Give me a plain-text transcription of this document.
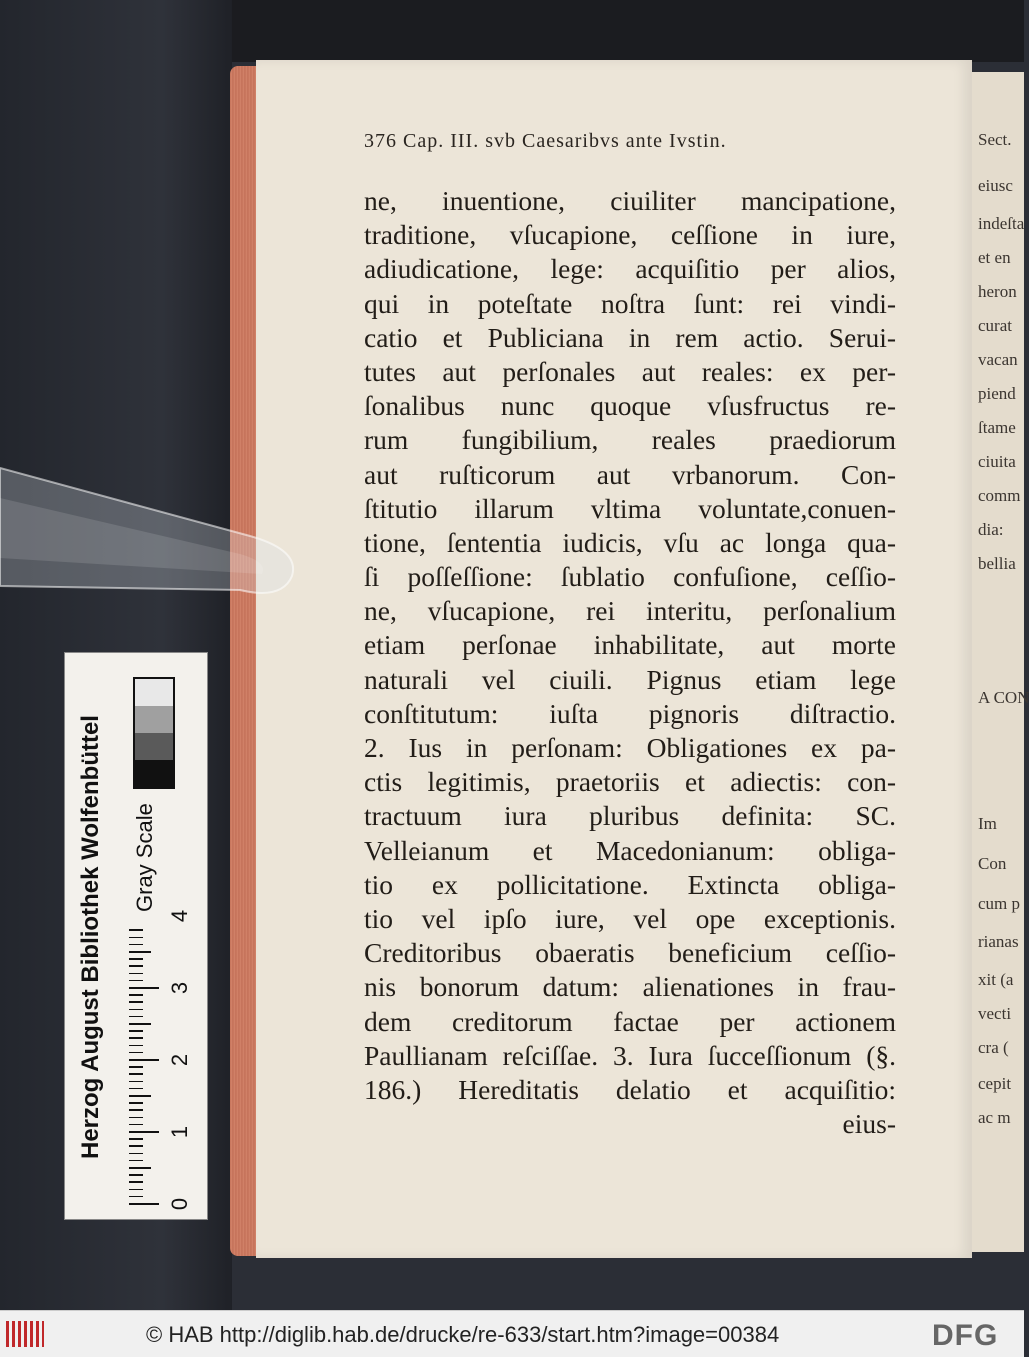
Sect.
eiusc
indeſta
et en
heron
curat
vacan
piend
ſtame
ciuita
comm
dia:
bellia
A CON
Im
Con
cum p
rianas
xit (a
vecti
cra (
cepit
ac m
376 Cap. III. svb Caesaribvs ante Ivstin.
ne, inuentione, ciuiliter mancipatione,
traditione, vſucapione, ceſſione in iure,
adiudicatione, lege: acquiſitio per alios,
qui in poteſtate noſtra ſunt: rei vindi-
catio et Publiciana in rem actio. Serui-
tutes aut perſonales aut reales: ex per-
ſonalibus nunc quoque vſusfructus re-
rum fungibilium, reales praediorum
aut ruſticorum aut vrbanorum. Con-
ſtitutio illarum vltima voluntate,conuen-
tione, ſententia iudicis, vſu ac longa qua-
ſi poſſeſſione: ſublatio confuſione, ceſſio-
ne, vſucapione, rei interitu, perſonalium
etiam perſonae inhabilitate, aut morte
naturali vel ciuili. Pignus etiam lege
conſtitutum: iuſta pignoris diſtractio.
2. Ius in perſonam: Obligationes ex pa-
ctis legitimis, praetoriis et adiectis: con-
tractuum iura pluribus definita: SC.
Velleianum et Macedonianum: obliga-
tio ex pollicitatione. Extincta obliga-
tio vel ipſo iure, vel ope exceptionis.
Creditoribus obaeratis beneficium ceſſio-
nis bonorum datum: alienationes in frau-
dem creditorum factae per actionem
Paullianam reſciſſae. 3. Iura ſucceſſionum (§.
186.) Hereditatis delatio et acquiſitio:
eius-
Herzog August Bibliothek Wolfenbüttel	Gray Scale
0
1
2
3
4
© HAB http://diglib.hab.de/drucke/re-633/start.htm?image=00384	DFG
